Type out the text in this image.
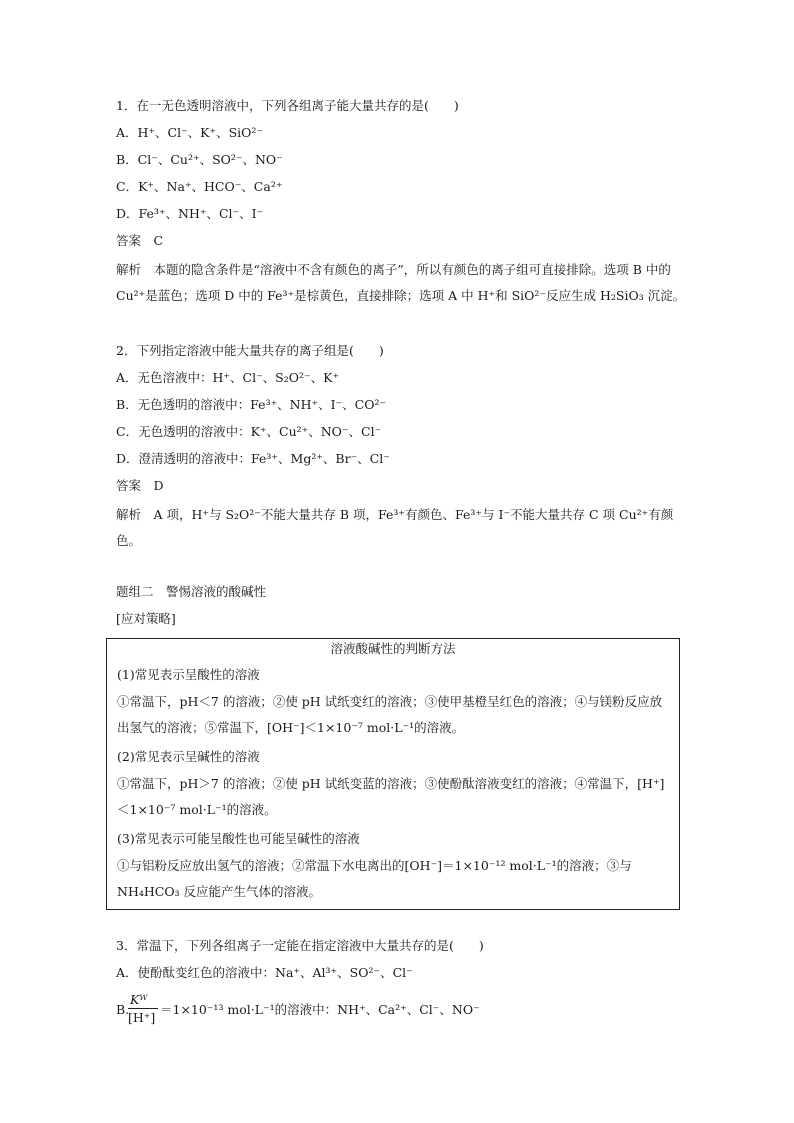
1．在一无色透明溶液中，下列各组离子能大量共存的是(　　)
A．H⁺、Cl⁻、K⁺、SiO²⁻
B．Cl⁻、Cu²⁺、SO²⁻、NO⁻
C．K⁺、Na⁺、HCO⁻、Ca²⁺
D．Fe³⁺、NH⁺、Cl⁻、I⁻
答案　C
解析　本题的隐含条件是“溶液中不含有颜色的离子”，所以有颜色的离子组可直接排除。选项 B 中的 Cu²⁺是蓝色；选项 D 中的 Fe³⁺是棕黄色，直接排除；选项 A 中 H⁺和 SiO²⁻反应生成 H₂SiO₃ 沉淀。
2．下列指定溶液中能大量共存的离子组是(　　)
A．无色溶液中：H⁺、Cl⁻、S₂O²⁻、K⁺
B．无色透明的溶液中：Fe³⁺、NH⁺、I⁻、CO²⁻
C．无色透明的溶液中：K⁺、Cu²⁺、NO⁻、Cl⁻
D．澄清透明的溶液中：Fe³⁺、Mg²⁺、Br⁻、Cl⁻
答案　D
解析　A 项，H⁺与 S₂O²⁻不能大量共存 B 项，Fe³⁺有颜色、Fe³⁺与 I⁻不能大量共存 C 项 Cu²⁺有颜色。
题组二　警惕溶液的酸碱性
[应对策略]
溶液酸碱性的判断方法
(1)常见表示呈酸性的溶液
①常温下，pH＜7 的溶液；②使 pH 试纸变红的溶液；③使甲基橙呈红色的溶液；④与镁粉反应放出氢气的溶液；⑤常温下，[OH⁻]＜1×10⁻⁷ mol·L⁻¹的溶液。
(2)常见表示呈碱性的溶液
①常温下，pH＞7 的溶液；②使 pH 试纸变蓝的溶液；③使酚酞溶液变红的溶液；④常温下，[H⁺]＜1×10⁻⁷ mol·L⁻¹的溶液。
(3)常见表示可能呈酸性也可能呈碱性的溶液
①与铝粉反应放出氢气的溶液；②常温下水电离出的[OH⁻]＝1×10⁻¹² mol·L⁻¹的溶液；③与 NH₄HCO₃ 反应能产生气体的溶液。
3．常温下，下列各组离子一定能在指定溶液中大量共存的是(　　)
A．使酚酞变红色的溶液中：Na⁺、Al³⁺、SO²⁻、Cl⁻
B.
Kᵂ
[H⁺]
＝1×10⁻¹³ mol·L⁻¹的溶液中：NH⁺、Ca²⁺、Cl⁻、NO⁻
